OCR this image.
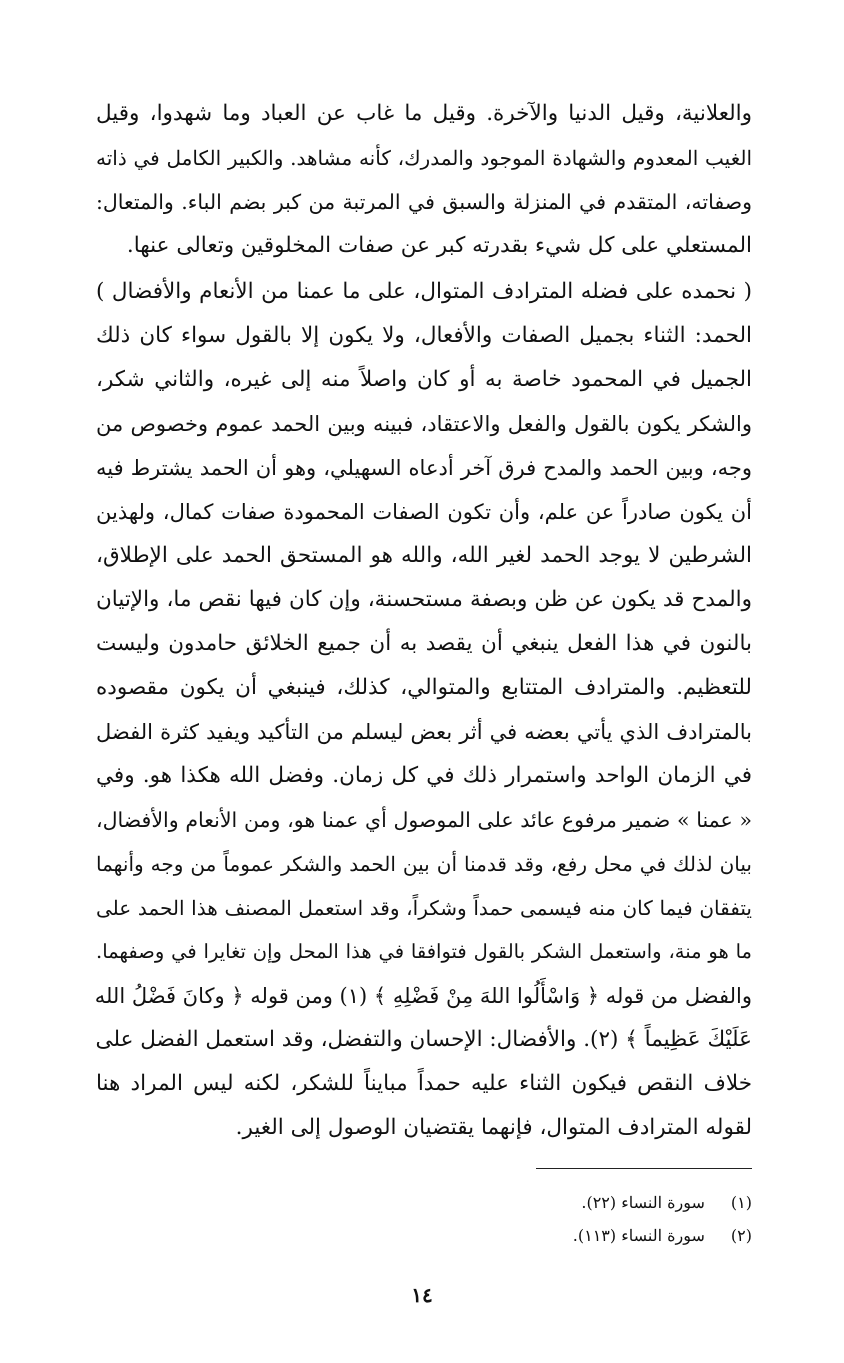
والعلانية، وقيل الدنيا والآخرة. وقيل ما غاب عن العباد وما شهدوا، وقيل
الغيب المعدوم والشهادة الموجود والمدرك، كأنه مشاهد. والكبير الكامل في ذاته
وصفاته، المتقدم في المنزلة والسبق في المرتبة من كبر بضم الباء. والمتعال:
المستعلي على كل شيء بقدرته كبر عن صفات المخلوقين وتعالى عنها.
( نحمده على فضله المترادف المتوال، على ما عمنا من الأنعام والأفضال )
الحمد: الثناء بجميل الصفات والأفعال، ولا يكون إلا بالقول سواء كان ذلك
الجميل في المحمود خاصة به أو كان واصلاً منه إلى غيره، والثاني شكر،
والشكر يكون بالقول والفعل والاعتقاد، فبينه وبين الحمد عموم وخصوص من
وجه، وبين الحمد والمدح فرق آخر أدعاه السهيلي، وهو أن الحمد يشترط فيه
أن يكون صادراً عن علم، وأن تكون الصفات المحمودة صفات كمال، ولهذين
الشرطين لا يوجد الحمد لغير الله، والله هو المستحق الحمد على الإطلاق،
والمدح قد يكون عن ظن وبصفة مستحسنة، وإن كان فيها نقص ما، والإتيان
بالنون في هذا الفعل ينبغي أن يقصد به أن جميع الخلائق حامدون وليست
للتعظيم. والمترادف المتتابع والمتوالي، كذلك، فينبغي أن يكون مقصوده
بالمترادف الذي يأتي بعضه في أثر بعض ليسلم من التأكيد ويفيد كثرة الفضل
في الزمان الواحد واستمرار ذلك في كل زمان. وفضل الله هكذا هو. وفي
« عمنا » ضمير مرفوع عائد على الموصول أي عمنا هو، ومن الأنعام والأفضال،
بيان لذلك في محل رفع، وقد قدمنا أن بين الحمد والشكر عموماً من وجه وأنهما
يتفقان فيما كان منه فيسمى حمداً وشكراً، وقد استعمل المصنف هذا الحمد على
ما هو منة، واستعمل الشكر بالقول فتوافقا في هذا المحل وإن تغايرا في وصفهما.
والفضل من قوله ﴿ وَاسْأَلُوا اللهَ مِنْ فَضْلِهِ ﴾ (١) ومن قوله ﴿ وكانَ فَضْلُ الله
عَلَيْكَ عَظِيماً ﴾ (٢). والأفضال: الإحسان والتفضل، وقد استعمل الفضل على
خلاف النقص فيكون الثناء عليه حمداً مبايناً للشكر، لكنه ليس المراد هنا
لقوله المترادف المتوال، فإنهما يقتضيان الوصول إلى الغير.
(١) سورة النساء (٢٢).
(٢) سورة النساء (١١٣).
١٤
